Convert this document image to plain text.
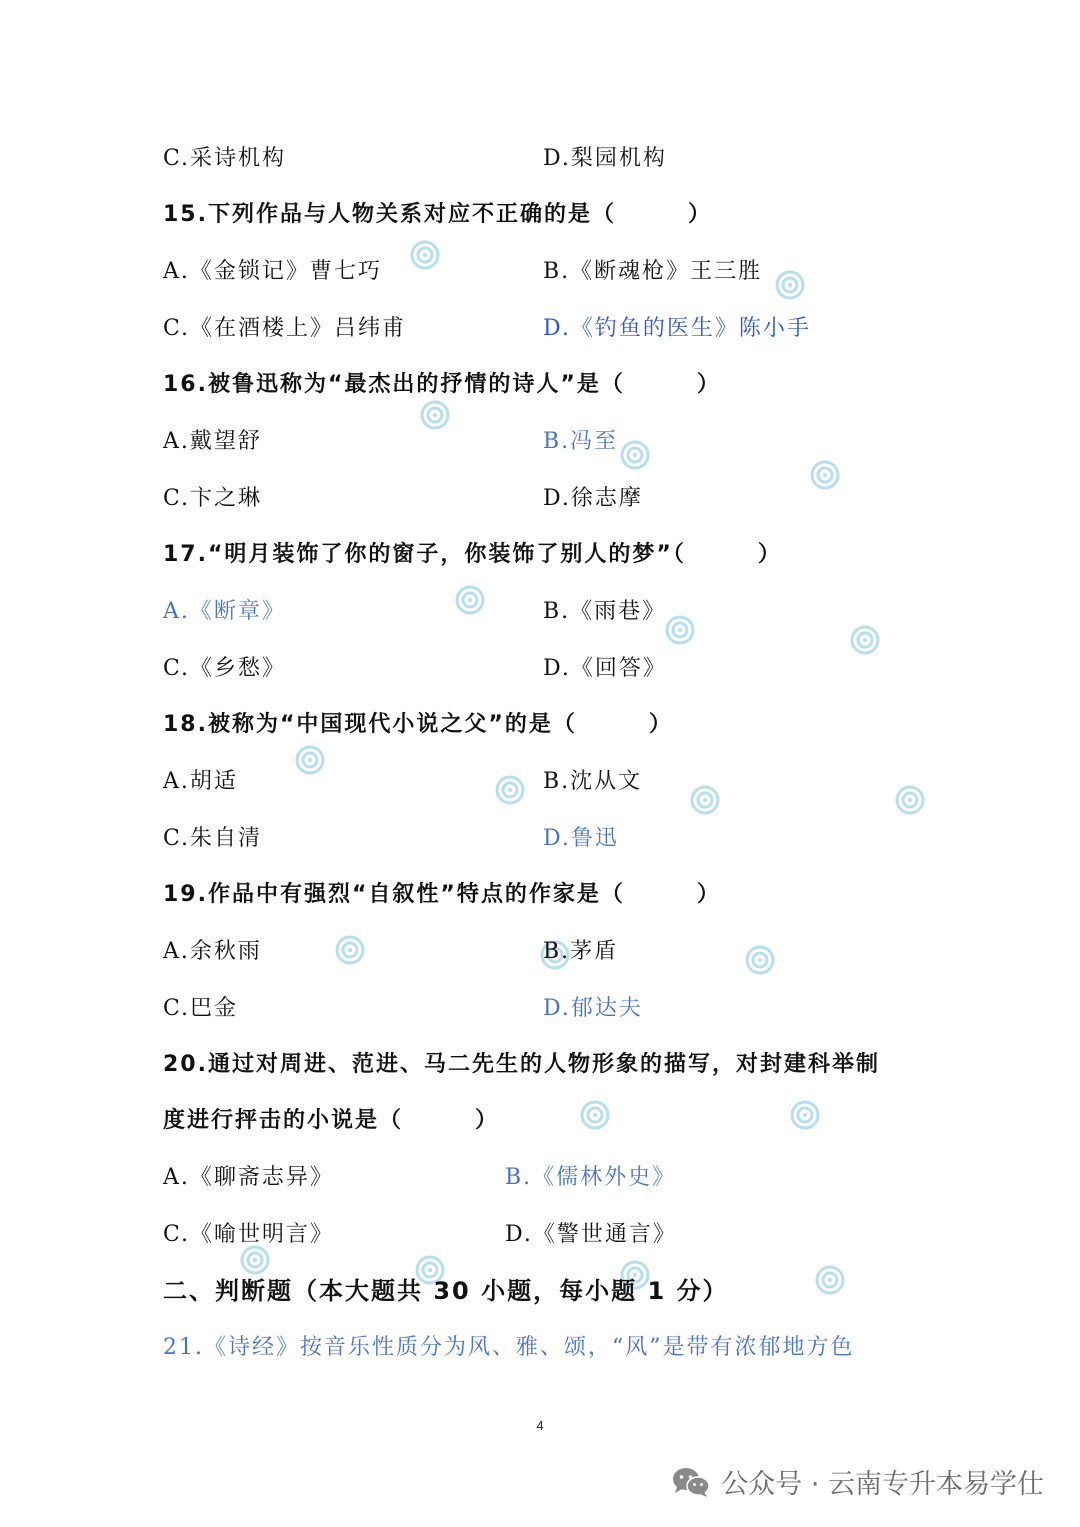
C.采诗机构	D.梨园机构
15.下列作品与人物关系对应不正确的是（　　　）
A.《金锁记》曹七巧	B.《断魂枪》王三胜
C.《在酒楼上》吕纬甫	D.《钓鱼的医生》陈小手
16.被鲁迅称为“最杰出的抒情的诗人”是（　　　）
A.戴望舒	B.冯至
C.卞之琳	D.徐志摩
17.“明月装饰了你的窗子，你装饰了别人的梦”（　　　）
A.《断章》	B.《雨巷》
C.《乡愁》	D.《回答》
18.被称为“中国现代小说之父”的是（　　　）
A.胡适	B.沈从文
C.朱自清	D.鲁迅
19.作品中有强烈“自叙性”特点的作家是（　　　）
A.余秋雨	B.茅盾
C.巴金	D.郁达夫
20.通过对周进、范进、马二先生的人物形象的描写，对封建科举制
度进行抨击的小说是（　　　）
A.《聊斋志异》	B.《儒林外史》
C.《喻世明言》	D.《警世通言》
二、判断题（本大题共 30 小题，每小题 1 分）
21.《诗经》按音乐性质分为风、雅、颂，“风”是带有浓郁地方色
4
公众号 · 云南专升本易学仕
